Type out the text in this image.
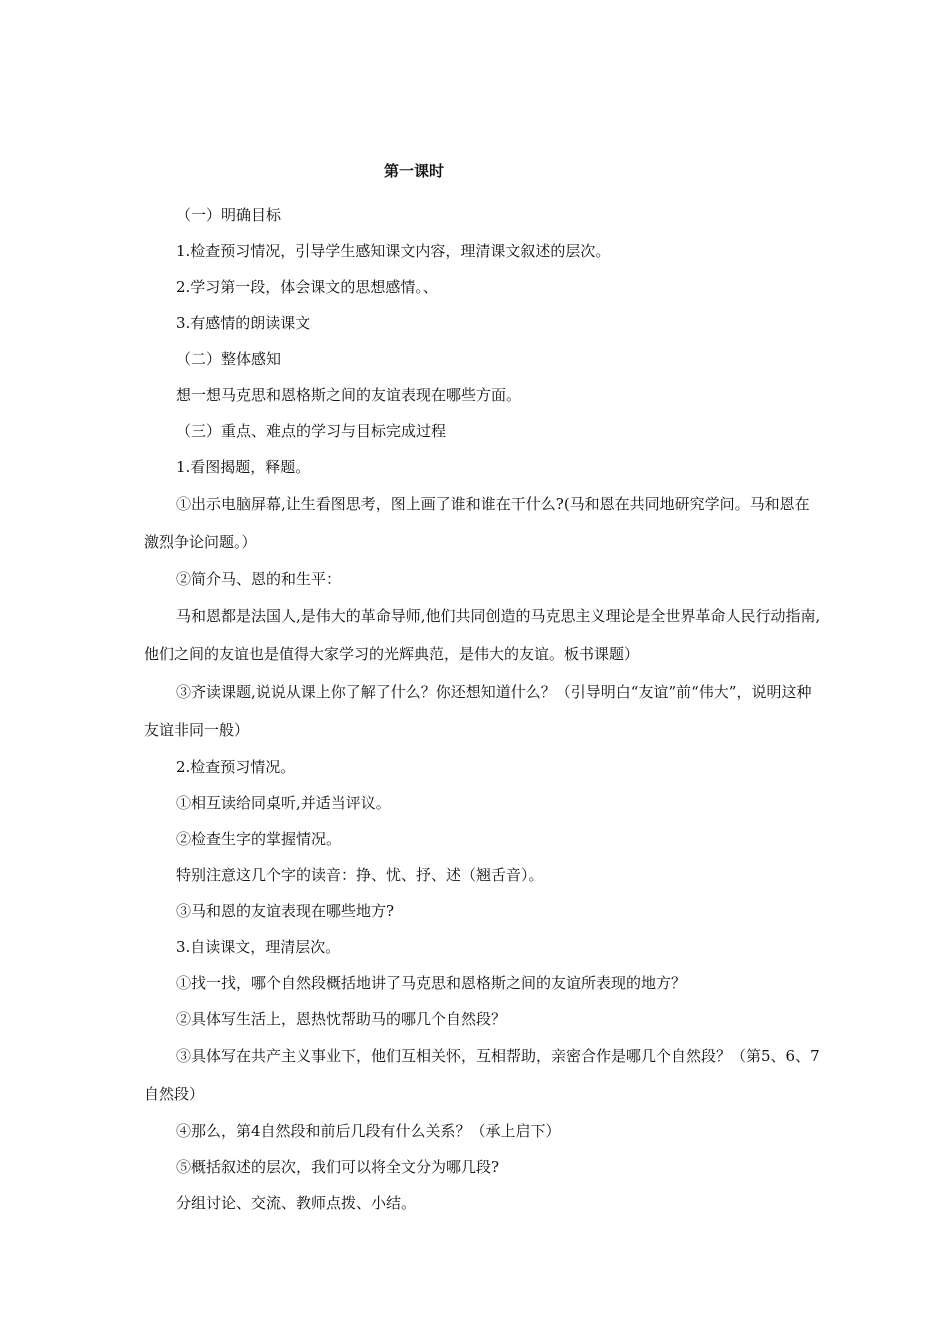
第一课时

（一）明确目标

1.检查预习情况，引导学生感知课文内容，理清课文叙述的层次。

2.学习第一段，体会课文的思想感情。、

3.有感情的朗读课文

（二）整体感知

想一想马克思和恩格斯之间的友谊表现在哪些方面。

（三）重点、难点的学习与目标完成过程

1.看图揭题，释题。

①出示电脑屏幕,让生看图思考，图上画了谁和谁在干什么?(马和恩在共同地研究学问。马和恩在激烈争论问题。）

②简介马、恩的和生平：

马和恩都是法国人,是伟大的革命导师,他们共同创造的马克思主义理论是全世界革命人民行动指南,他们之间的友谊也是值得大家学习的光辉典范，是伟大的友谊。板书课题）

③齐读课题,说说从课上你了解了什么？你还想知道什么？（引导明白“友谊”前“伟大”，说明这种友谊非同一般）

2.检查预习情况。

①相互读给同桌听,并适当评议。

②检查生字的掌握情况。

特别注意这几个字的读音：挣、忧、抒、述（翘舌音）。

③马和恩的友谊表现在哪些地方?

3.自读课文，理清层次。

①找一找，哪个自然段概括地讲了马克思和恩格斯之间的友谊所表现的地方？

②具体写生活上，恩热忱帮助马的哪几个自然段？

③具体写在共产主义事业下，他们互相关怀，互相帮助，亲密合作是哪几个自然段？（第5、6、7自然段）

④那么，第4自然段和前后几段有什么关系？（承上启下）

⑤概括叙述的层次，我们可以将全文分为哪几段?

分组讨论、交流、教师点拨、小结。
